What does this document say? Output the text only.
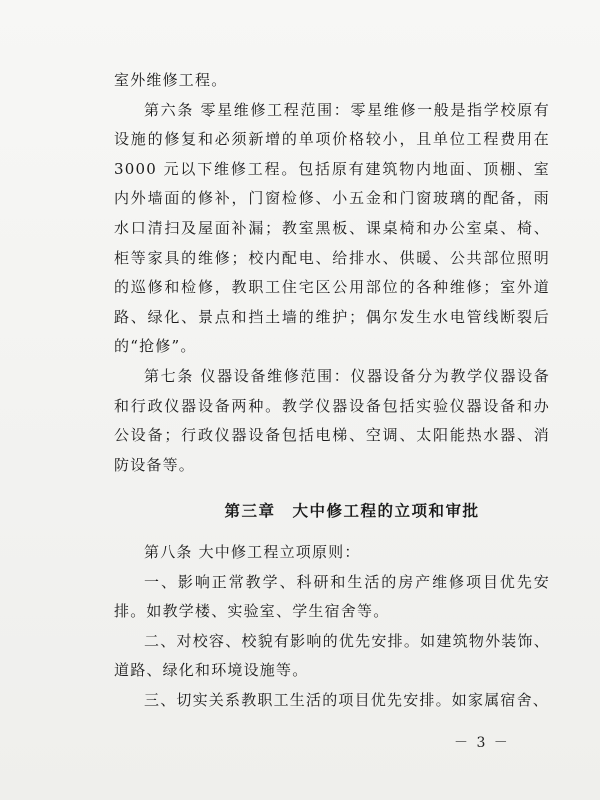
室外维修工程。

第六条 零星维修工程范围：零星维修一般是指学校原有设施的修复和必须新增的单项价格较小，且单位工程费用在 3000 元以下维修工程。包括原有建筑物内地面、顶棚、室内外墙面的修补，门窗检修、小五金和门窗玻璃的配备，雨水口清扫及屋面补漏；教室黑板、课桌椅和办公室桌、椅、柜等家具的维修；校内配电、给排水、供暖、公共部位照明的巡修和检修，教职工住宅区公用部位的各种维修；室外道路、绿化、景点和挡土墙的维护；偶尔发生水电管线断裂后的“抢修”。

第七条 仪器设备维修范围：仪器设备分为教学仪器设备和行政仪器设备两种。教学仪器设备包括实验仪器设备和办公设备；行政仪器设备包括电梯、空调、太阳能热水器、消防设备等。

第三章　大中修工程的立项和审批

第八条 大中修工程立项原则：

一、影响正常教学、科研和生活的房产维修项目优先安排。如教学楼、实验室、学生宿舍等。

二、对校容、校貌有影响的优先安排。如建筑物外装饰、道路、绿化和环境设施等。

三、切实关系教职工生活的项目优先安排。如家属宿舍、

－ 3 －
